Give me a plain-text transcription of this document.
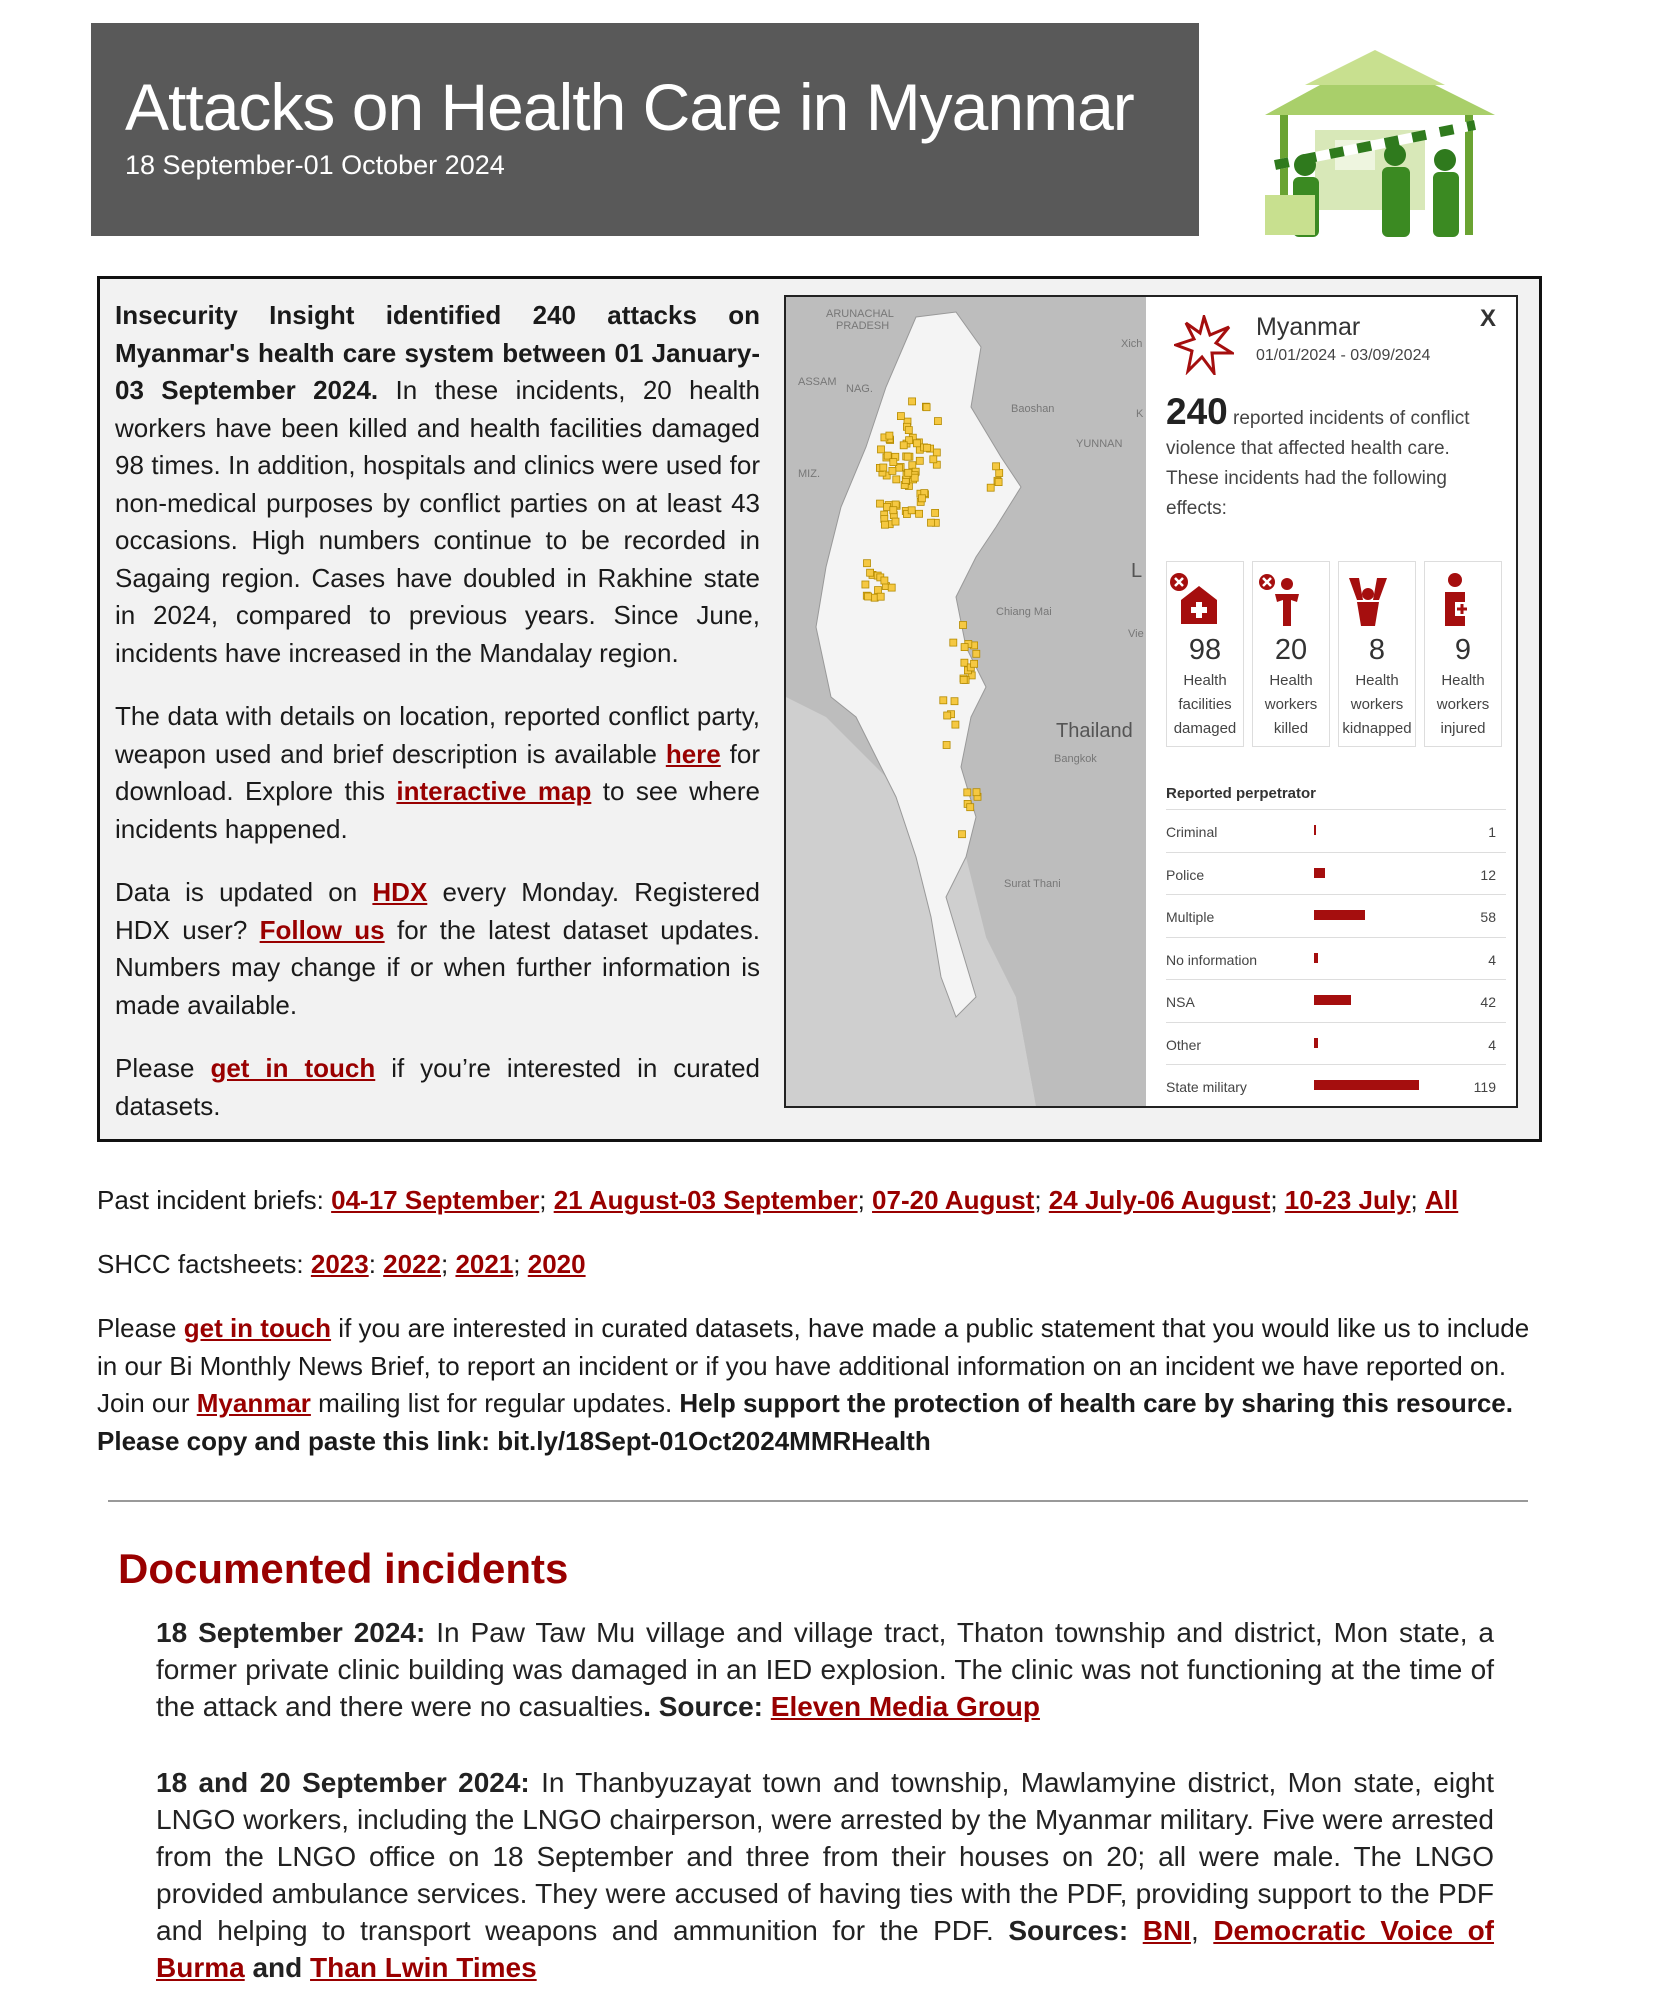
Attacks on Health Care in Myanmar
18 September-01 October 2024

Insecurity Insight identified 240 attacks on Myanmar's health care system between 01 January-03 September 2024. In these incidents, 20 health workers have been killed and health facilities damaged 98 times. In addition, hospitals and clinics were used for non-medical purposes by conflict parties on at least 43 occasions. High numbers continue to be recorded in Sagaing region. Cases have doubled in Rakhine state in 2024, compared to previous years. Since June, incidents have increased in the Mandalay region.

The data with details on location, reported conflict party, weapon used and brief description is available here for download. Explore this interactive map to see where incidents happened.

Data is updated on HDX every Monday. Registered HDX user? Follow us for the latest dataset updates. Numbers may change if or when further information is made available.

Please get in touch if you’re interested in curated datasets.

ARUNACHAL
PRADESH
ASSAM
NAG.
MIZ.
Baoshan
YUNNAN
Xich
K
Chiang Mai
Vie
Thailand
Bangkok
Surat Thani
L
X
Myanmar
01/01/2024 - 03/09/2024
240 reported incidents of conflict violence that affected health care. These incidents had the following effects:
98
Health
facilities
damaged
20
Health
workers
killed
8
Health
workers
kidnapped
9
Health
workers
injured
Reported perpetrator
Criminal	1
Police	12
Multiple	58
No information	4
NSA	42
Other	4
State military	119
Past incident briefs: 04-17 September; 21 August-03 September; 07-20 August; 24 July-06 August; 10-23 July; All
SHCC factsheets: 2023: 2022; 2021; 2020
Please get in touch if you are interested in curated datasets, have made a public statement that you would like us to include in our Bi Monthly News Brief, to report an incident or if you have additional information on an incident we have reported on. Join our Myanmar mailing list for regular updates. Help support the protection of health care by sharing this resource. Please copy and paste this link: bit.ly/18Sept-01Oct2024MMRHealth
Documented incidents
18 September 2024: In Paw Taw Mu village and village tract, Thaton township and district, Mon state, a former private clinic building was damaged in an IED explosion. The clinic was not functioning at the time of the attack and there were no casualties. Source: Eleven Media Group
18 and 20 September 2024: In Thanbyuzayat town and township, Mawlamyine district, Mon state, eight LNGO workers, including the LNGO chairperson, were arrested by the Myanmar military. Five were arrested from the LNGO office on 18 September and three from their houses on 20; all were male. The LNGO provided ambulance services. They were accused of having ties with the PDF, providing support to the PDF and helping to transport weapons and ammunition for the PDF. Sources: BNI, Democratic Voice of Burma and Than Lwin Times
